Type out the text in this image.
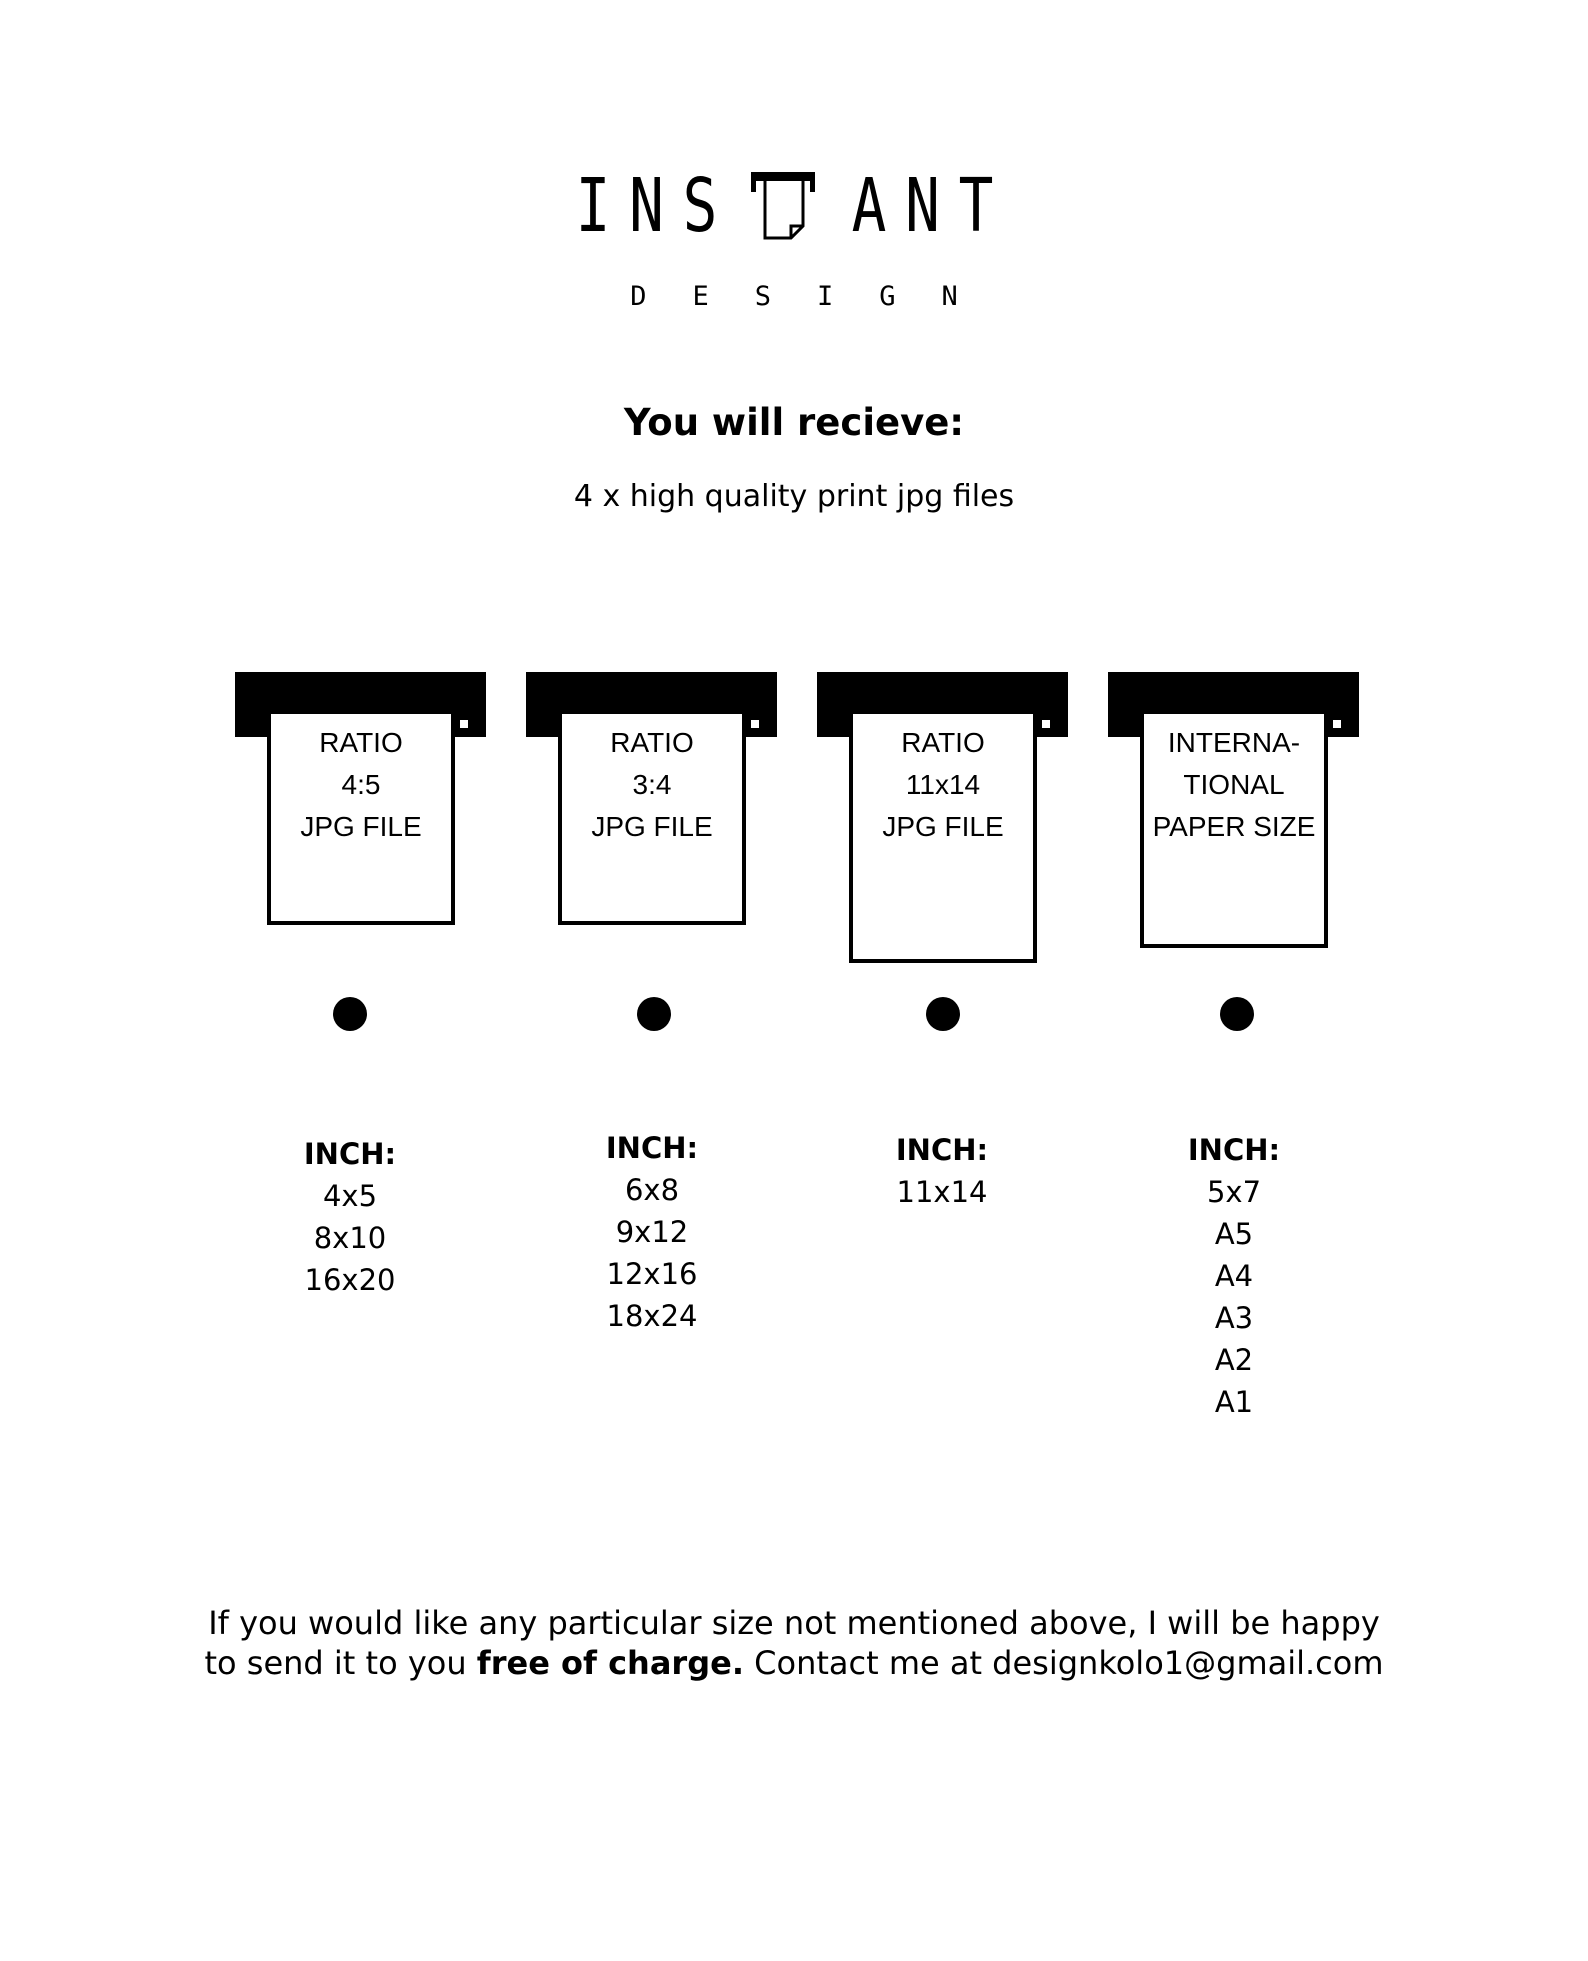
INS ANT
DESIGN
You will recieve:
4 x high quality print jpg files
RATIO
4:5
JPG FILE
RATIO
3:4
JPG FILE
RATIO
11x14
JPG FILE
INTERNA-
TIONAL
PAPER SIZE
INCH:
4x5
8x10
16x20
INCH:
6x8
9x12
12x16
18x24
INCH:
11x14
INCH:
5x7
A5
A4
A3
A2
A1
If you would like any particular size not mentioned above, I will be happy
to send it to you free of charge. Contact me at designkolo1@gmail.com
